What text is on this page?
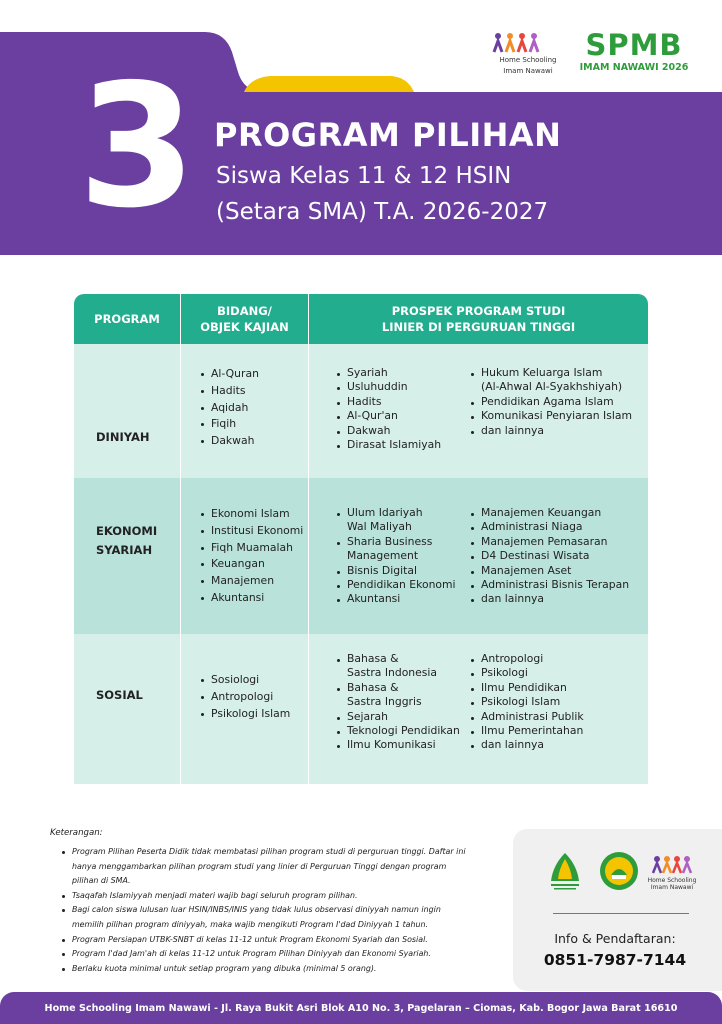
3 PROGRAM PILIHAN
Siswa Kelas 11 & 12 HSIN
(Setara SMA) T.A. 2026-2027
Home Schooling
Imam Nawawi
SPMB
IMAM NAWAWI 2026
PROGRAM
BIDANG/
OBJEK KAJIAN
PROSPEK PROGRAM STUDI
LINIER DI PERGURUAN TINGGI
DINIYAH
Al-Quran
Hadits
Aqidah
Fiqih
Dakwah
Syariah
Usluhuddin
Hadits
Al-Qur'an
Dakwah
Dirasat Islamiyah
Hukum Keluarga Islam
(Al-Ahwal Al-Syakhshiyah)
Pendidikan Agama Islam
Komunikasi Penyiaran Islam
dan lainnya
EKONOMI
SYARIAH
Ekonomi Islam
Institusi Ekonomi
Fiqh Muamalah
Keuangan
Manajemen
Akuntansi
Ulum Idariyah
Wal Maliyah
Sharia Business
Management
Bisnis Digital
Pendidikan Ekonomi
Akuntansi
Manajemen Keuangan
Administrasi Niaga
Manajemen Pemasaran
D4 Destinasi Wisata
Manajemen Aset
Administrasi Bisnis Terapan
dan lainnya
SOSIAL
Sosiologi
Antropologi
Psikologi Islam
Bahasa &
Sastra Indonesia
Bahasa &
Sastra Inggris
Sejarah
Teknologi Pendidikan
Ilmu Komunikasi
Antropologi
Psikologi
Ilmu Pendidikan
Psikologi Islam
Administrasi Publik
Ilmu Pemerintahan
dan lainnya
Keterangan:
Program Pilihan Peserta Didik tidak membatasi pilihan program studi di perguruan tinggi. Daftar ini hanya menggambarkan pilihan program studi yang linier di Perguruan Tinggi dengan program pilihan di SMA.
Tsaqafah Islamiyyah menjadi materi wajib bagi seluruh program pilihan.
Bagi calon siswa lulusan luar HSIN/INBS/INIS yang tidak lulus observasi diniyyah namun ingin memilih pilihan program diniyyah, maka wajib mengikuti Program I'dad Diniyyah 1 tahun.
Program Persiapan UTBK-SNBT di kelas 11-12 untuk Program Ekonomi Syariah dan Sosial.
Program I'dad Jam'ah di kelas 11-12 untuk Program Pilihan Diniyyah dan Ekonomi Syariah.
Berlaku kuota minimal untuk setiap program yang dibuka (minimal 5 orang).
Home Schooling
Imam Nawawi
Info & Pendaftaran:
0851-7987-7144
Home Schooling Imam Nawawi - Jl. Raya Bukit Asri Blok A10 No. 3, Pagelaran – Ciomas, Kab. Bogor Jawa Barat 16610
